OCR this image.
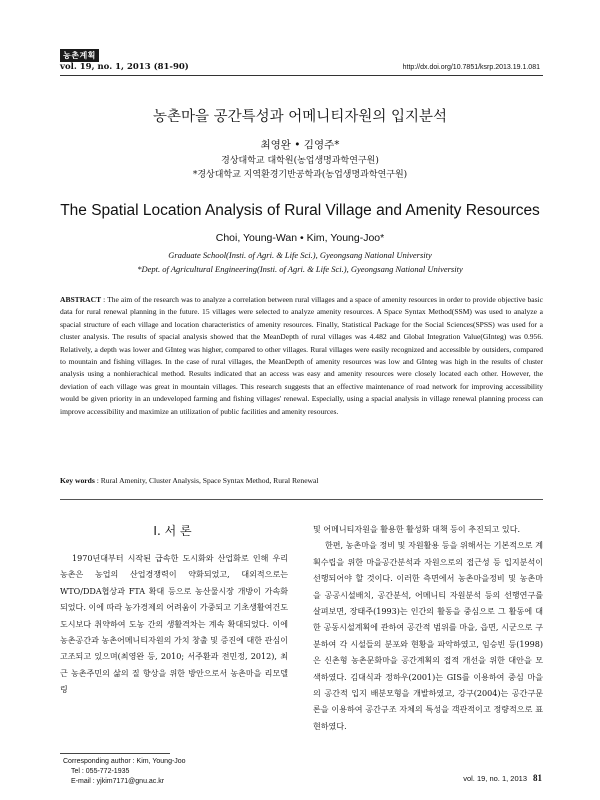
농촌계획
vol. 19, no. 1, 2013 (81-90)	http://dx.doi.org/10.7851/ksrp.2013.19.1.081
농촌마을 공간특성과 어메니티자원의 입지분석
최영완 • 김영주*
경상대학교 대학원(농업생명과학연구원)
*경상대학교 지역환경기반공학과(농업생명과학연구원)
The Spatial Location Analysis of Rural Village and Amenity Resources
Choi, Young-Wan • Kim, Young-Joo*
Graduate School(Insti. of Agri. & Life Sci.), Gyeongsang National University
*Dept. of Agricultural Engineering(Insti. of Agri. & Life Sci.), Gyeongsang National University
ABSTRACT : The aim of the research was to analyze a correlation between rural villages and a space of amenity resources in order to provide objective basic data for rural renewal planning in the future. 15 villages were selected to analyze amenity resources. A Space Syntax Method(SSM) was used to analyze a spacial structure of each village and location characteristics of amenity resources. Finally, Statistical Package for the Social Sciences(SPSS) was used for a cluster analysis. The results of spacial analysis showed that the MeanDepth of rural villages was 4.482 and Global Integration Value(GInteg) was 0.956. Relatively, a depth was lower and GInteg was higher, compared to other villages. Rural villages were easily recognized and accessible by outsiders, compared to mountain and fishing villages. In the case of rural villages, the MeanDepth of amenity resources was low and GInteg was high in the results of cluster analysis using a nonhierachical method. Results indicated that an access was easy and amenity resources were closely located each other. However, the deviation of each village was great in mountain villages. This research suggests that an effective maintenance of road network for improving accessibility would be given priority in an undeveloped farming and fishing villages' renewal. Especially, using a spacial analysis in village renewal planning process can improve accessibility and maximize an utilization of public facilities and amenity resources.
Key words : Rural Amenity, Cluster Analysis, Space Syntax Method, Rural Renewal
Ⅰ. 서 론

1970년대부터 시작된 급속한 도시화와 산업화로 인해 우리 농촌은 농업의 산업경쟁력이 약화되었고, 대외적으로는 WTO/DDA협상과 FTA 확대 등으로 농산물시장 개방이 가속화되었다. 이에 따라 농가경제의 어려움이 가중되고 기초생활여건도 도시보다 취약하여 도농 간의 생활격차는 계속 확대되었다. 이에 농촌공간과 농촌어메니티자원의 가치 창출 및 증진에 대한 관심이 고조되고 있으며(최영완 등, 2010; 서주환과 전민정, 2012), 최근 농촌주민의 삶의 질 향상을 위한 방안으로서 농촌마을 리모델링

및 어메니티자원을 활용한 활성화 대책 등이 추진되고 있다.

한편, 농촌마을 정비 및 자원활용 등을 위해서는 기본적으로 계획수립을 위한 마을공간분석과 자원으로의 접근성 등 입지분석이 선행되어야 할 것이다. 이러한 측면에서 농촌마을정비 및 농촌마을 공공시설배치, 공간분석, 어메니티 자원분석 등의 선행연구를 살펴보면, 장태주(1993)는 인간의 활동을 중심으로 그 활동에 대한 공동시설계획에 관하여 공간적 범위를 마을, 읍면, 시군으로 구분하여 각 시설들의 분포와 현황을 파악하였고, 임승빈 등(1998)은 신촌형 농촌문화마을 공간계획의 접적 개선을 위한 대안을 모색하였다. 김대식과 정하우(2001)는 GIS를 이용하여 중심 마을의 공간적 입지 배분모형을 개발하였고, 강구(2004)는 공간구문론을 이용하여 공간구조 자체의 특성을 객관적이고 정량적으로 표현하였다.

Corresponding author : Kim, Young-Joo
Tel : 055-772-1935
E-mail : yjkim7171@gnu.ac.kr	vol. 19, no. 1, 2013 81
